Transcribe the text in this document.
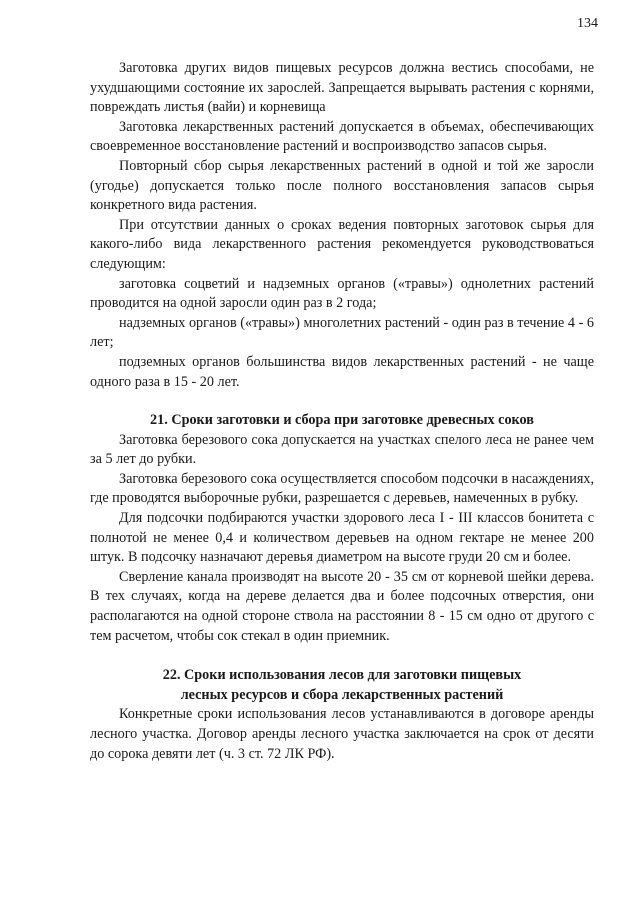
134

Заготовка других видов пищевых ресурсов должна вестись способами, не ухудшающими состояние их зарослей. Запрещается вырывать растения с корнями, повреждать листья (вайи) и корневища

Заготовка лекарственных растений допускается в объемах, обеспечивающих своевременное восстановление растений и воспроизводство запасов сырья.

Повторный сбор сырья лекарственных растений в одной и той же заросли (угодье) допускается только после полного восстановления запасов сырья конкретного вида растения.

При отсутствии данных о сроках ведения повторных заготовок сырья для какого-либо вида лекарственного растения рекомендуется руководствоваться следующим:

заготовка соцветий и надземных органов («травы») однолетних растений проводится на одной заросли один раз в 2 года;

надземных органов («травы») многолетних растений - один раз в течение 4 - 6 лет;

подземных органов большинства видов лекарственных растений - не чаще одного раза в 15 - 20 лет.

21. Сроки заготовки и сбора при заготовке древесных соков

Заготовка березового сока допускается на участках спелого леса не ранее чем за 5 лет до рубки.

Заготовка березового сока осуществляется способом подсочки в насаждениях, где проводятся выборочные рубки, разрешается с деревьев, намеченных в рубку.

Для подсочки подбираются участки здорового леса I - III классов бонитета с полнотой не менее 0,4 и количеством деревьев на одном гектаре не менее 200 штук. В подсочку назначают деревья диаметром на высоте груди 20 см и более.

Сверление канала производят на высоте 20 - 35 см от корневой шейки дерева. В тех случаях, когда на дереве делается два и более подсочных отверстия, они располагаются на одной стороне ствола на расстоянии 8 - 15 см одно от другого с тем расчетом, чтобы сок стекал в один приемник.

22. Сроки использования лесов для заготовки пищевых

лесных ресурсов и сбора лекарственных растений

Конкретные сроки использования лесов устанавливаются в договоре аренды лесного участка. Договор аренды лесного участка заключается на срок от десяти до сорока девяти лет (ч. 3 ст. 72 ЛК РФ).
